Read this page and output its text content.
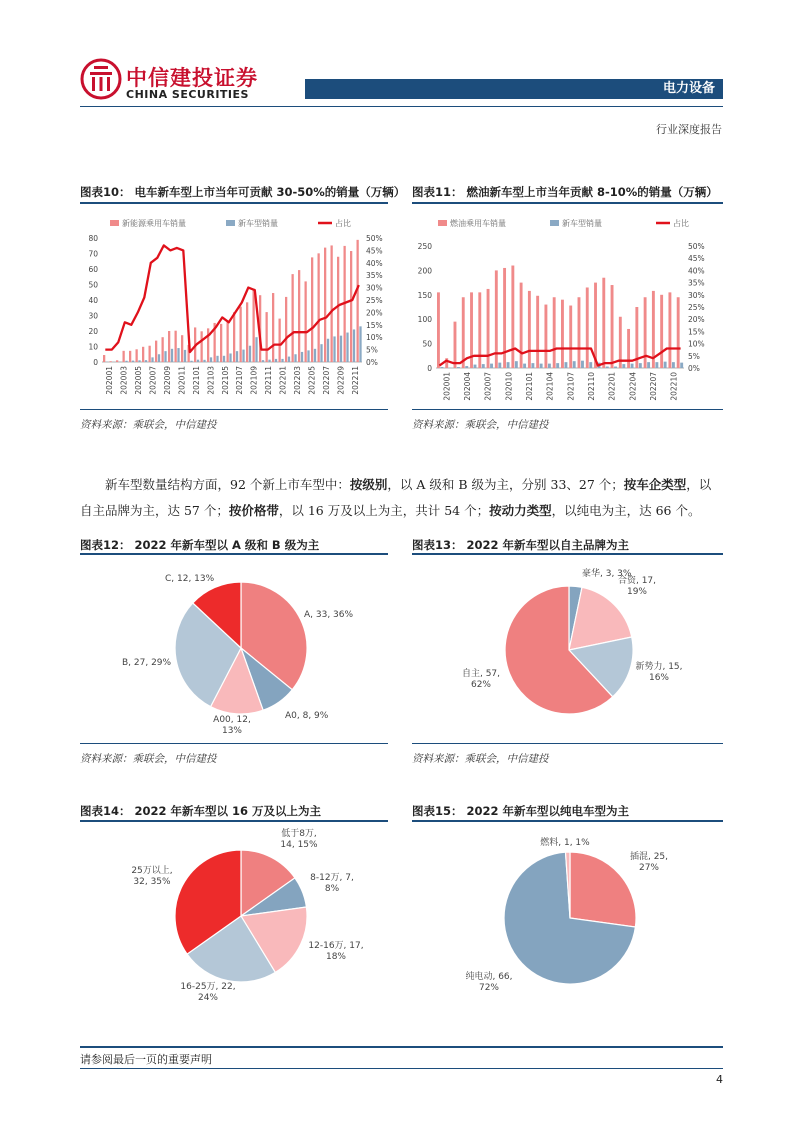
中信建投证券
CHINA SECURITIES	电力设备
行业深度报告
图表10： 电车新车型上市当年可贡献 30-50%的销量（万辆） 图表11： 燃油新车型上市当年贡献 8-10%的销量（万辆）
新能源乘用车销量	新车型销量	占比
0
10
20
30
40
50
60
70
80
0%
5%
10%
15%
20%
25%
30%
35%
40%
45%
50%
202001 202003 202005 202007 202009 202011 202101 202103 202105 202107 202109 202111 202201 202203 202205 202207 202209 202211
燃油乘用车销量	新车型销量	占比
0
50
100
150
200
250
0%
5%
10%
15%
20%
25%
30%
35%
40%
45%
50%
202001 202004 202007 202010 202101 202104 202107 202110 202201 202204 202207 202210
资料来源：乘联会，中信建投	资料来源：乘联会，中信建投
新车型数量结构方面，92 个新上市车型中：按级别，以 A 级和 B 级为主，分别 33、27 个；按车企类型，以自主品牌为主，达 57 个；按价格带，以 16 万及以上为主，共计 54 个；按动力类型，以纯电为主，达 66 个。
图表12： 2022 年新车型以 A 级和 B 级为主	图表13： 2022 年新车型以自主品牌为主
A, 33, 36%
A0, 8, 9%
A00, 12,
13%
B, 27, 29%
C, 12, 13%	豪华, 3, 3%
合资, 17,
19%
新势力, 15,
16%
自主, 57,
62%
资料来源：乘联会，中信建投	资料来源：乘联会，中信建投
图表14： 2022 年新车型以 16 万及以上为主	图表15： 2022 年新车型以纯电车型为主
低于8万,
14, 15%
8-12万, 7,
8%
12-16万, 17,
18%
16-25万, 22,
24%
25万以上,
32, 35%
插混, 25,
27%
纯电动, 66,
72%
燃料, 1, 1%
请参阅最后一页的重要声明
4
